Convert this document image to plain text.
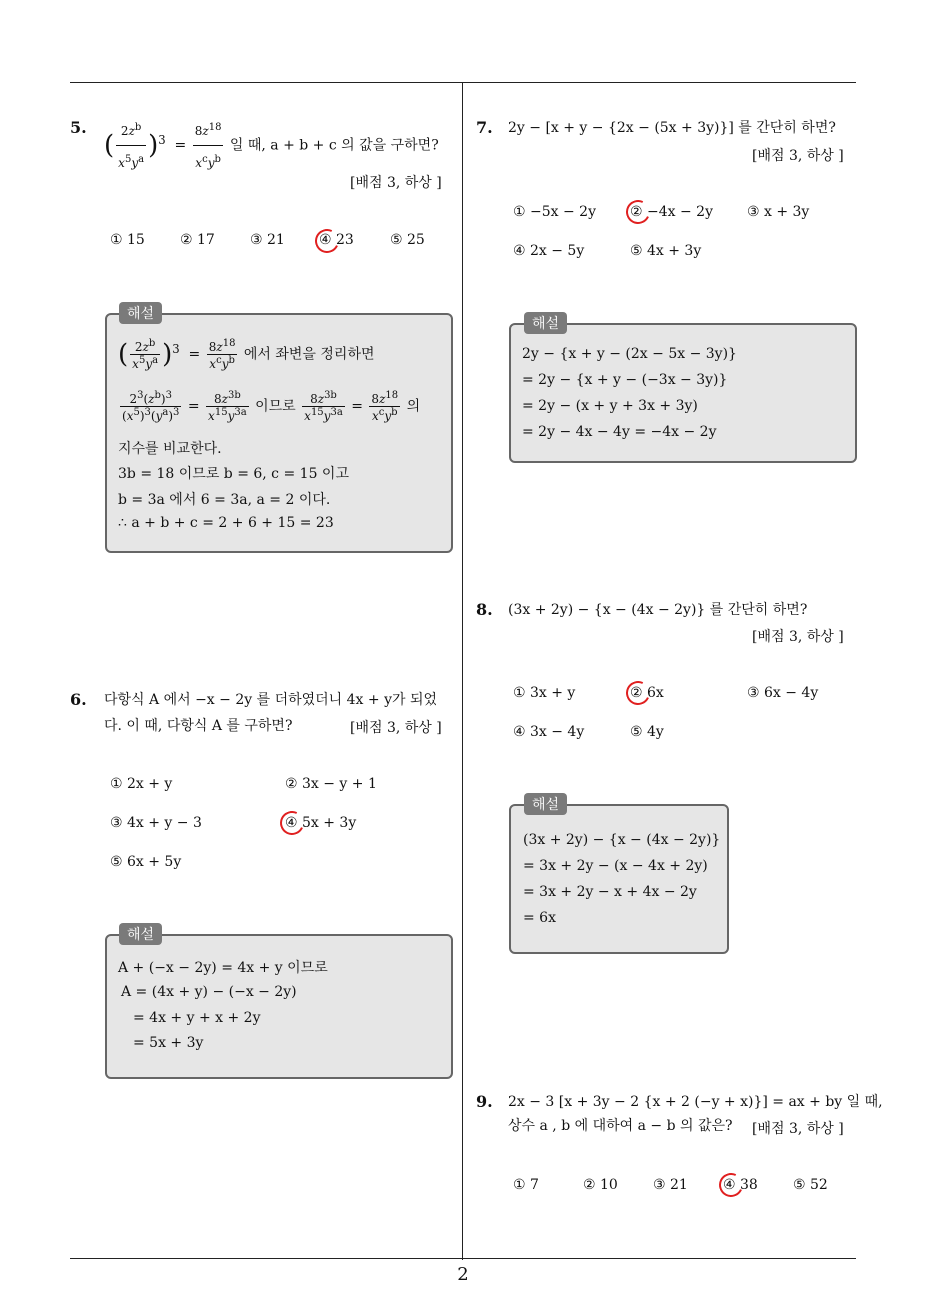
5.
( $\frac{2z^b}{x^5y^a} )^3 = \frac{8z^{18}}{x^cy^b}$ 일 때, a + b + c 의 값을 구하면?
[배점 3, 하상 ]
① 15	② 17	③ 21 ④ 23	⑤ 25
해설
( $\frac{2z^b}{x^5y^a} )^3 = \frac{8z^{18}}{x^cy^b}$ 에서 좌변을 정리하면
$\frac{2^3(z^b)^3}{(x^5)^3(y^a)^3} = \frac{8z^{3b}}{x^{15}y^{3a}}$ 이므로 $\frac{8z^{3b}}{x^{15}y^{3a}} = \frac{8z^{18}}{x^cy^b}$ 의
지수를 비교한다.
3b = 18 이므로 b = 6, c = 15 이고
b = 3a 에서 6 = 3a, a = 2 이다.
∴ a + b + c = 2 + 6 + 15 = 23
6. 다항식 A 에서 −x − 2y 를 더하였더니 4x + y가 되었
다. 이 때, 다항식 A 를 구하면?	[배점 3, 하상 ]
① 2x + y	② 3x − y + 1
③ 4x + y − 3	④ 5x + 3y
⑤ 6x + 5y
해설
A + (−x − 2y) = 4x + y 이므로
A = (4x + y) − (−x − 2y)
= 4x + y + x + 2y
= 5x + 3y
7. 2y − [x + y − {2x − (5x + 3y)}] 를 간단히 하면?
[배점 3, 하상 ]
① −5x − 2y ② −4x − 2y ③ x + 3y
④ 2x − 5y	⑤ 4x + 3y
해설
2y − {x + y − (2x − 5x − 3y)}
= 2y − {x + y − (−3x − 3y)}
= 2y − (x + y + 3x + 3y)
= 2y − 4x − 4y = −4x − 2y
8. (3x + 2y) − {x − (4x − 2y)} 를 간단히 하면?
[배점 3, 하상 ]
① 3x + y	② 6x	③ 6x − 4y
④ 3x − 4y	⑤ 4y
해설
(3x + 2y) − {x − (4x − 2y)}
= 3x + 2y − (x − 4x + 2y)
= 3x + 2y − x + 4x − 2y
= 6x
9. 2x − 3 [x + 3y − 2 {x + 2 (−y + x)}] = ax + by 일 때,
상수 a , b 에 대하여 a − b 의 값은? [배점 3, 하상 ]
① 7	② 10	③ 21	④ 38	⑤ 52
2
